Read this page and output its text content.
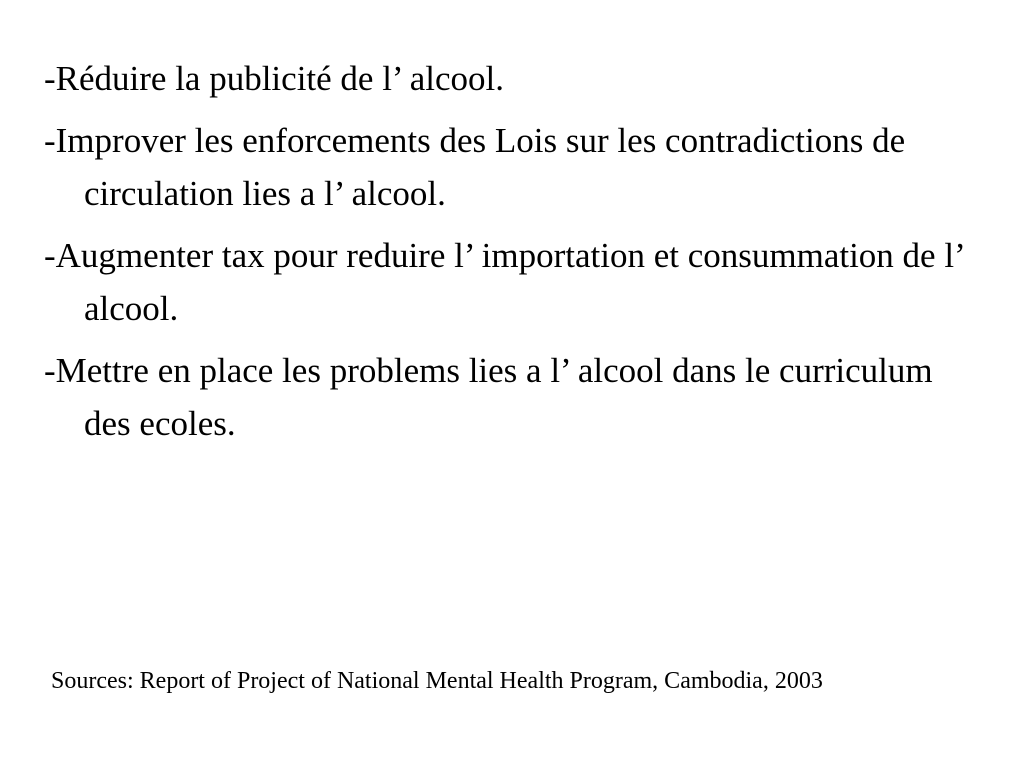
-Réduire la publicité de l’ alcool.
-Improver les enforcements des Lois sur les contradictions de circulation lies a l’ alcool.
-Augmenter tax pour reduire l’ importation et consummation de l’ alcool.
-Mettre en place les problems lies a l’ alcool dans le curriculum des ecoles.
Sources: Report of Project of National Mental Health Program, Cambodia, 2003
